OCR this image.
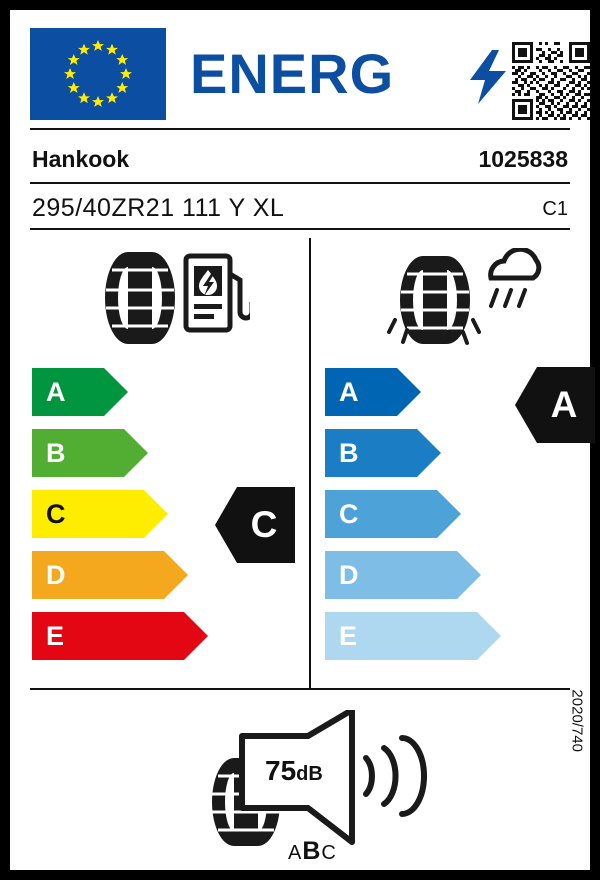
ENERG
Hankook	1025838
295/40ZR21 111 Y XL	C1
A
B
C
D
E
A
B
C
D
E
C
A
75dB
ABC
2020/740
